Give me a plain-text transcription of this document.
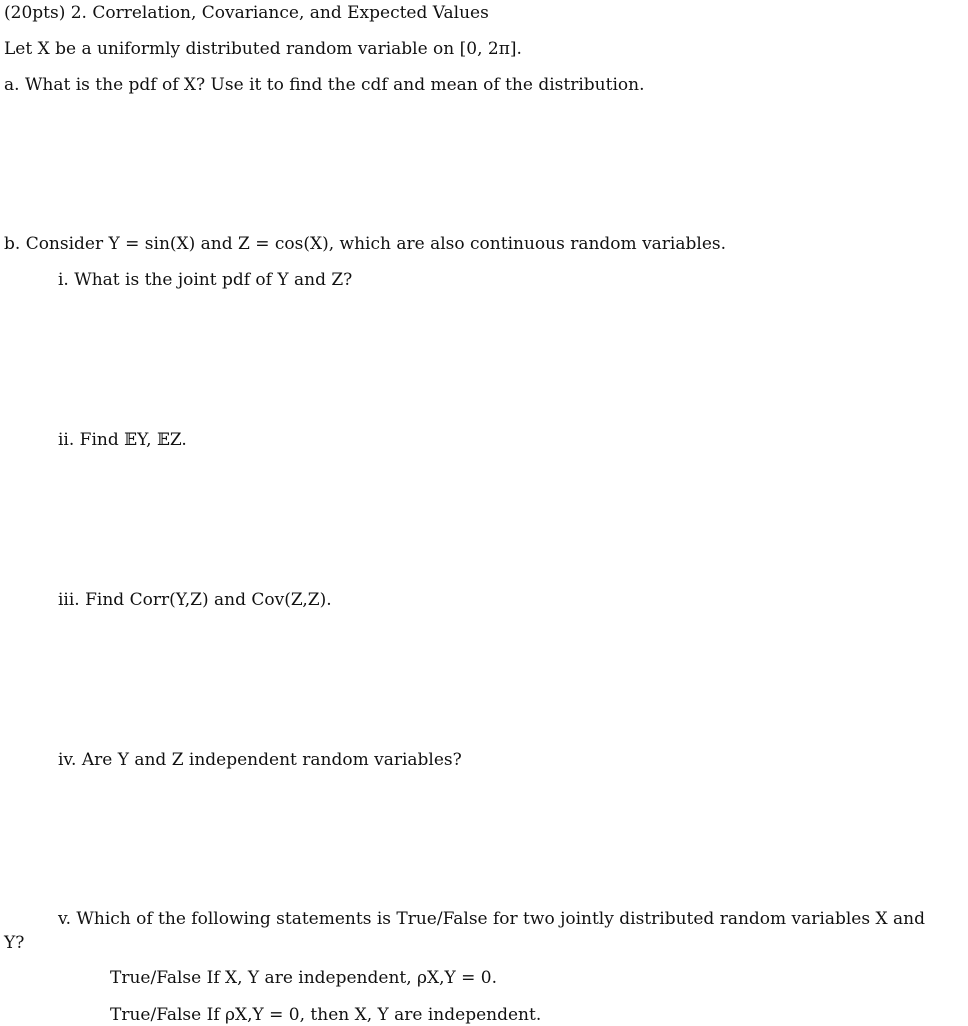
(20pts) 2. Correlation, Covariance, and Expected Values
Let X be a uniformly distributed random variable on [0, 2π].
a. What is the pdf of X? Use it to find the cdf and mean of the distribution.
b. Consider Y = sin(X) and Z = cos(X), which are also continuous random variables.
i. What is the joint pdf of Y and Z?
ii. Find 𝔼Y, 𝔼Z.
iii. Find Corr(Y,Z) and Cov(Z,Z).
iv. Are Y and Z independent random variables?
v. Which of the following statements is True/False for two jointly distributed random variables X and
Y?
True/False If X, Y are independent, ρX,Y = 0.
True/False If ρX,Y = 0, then X, Y are independent.
